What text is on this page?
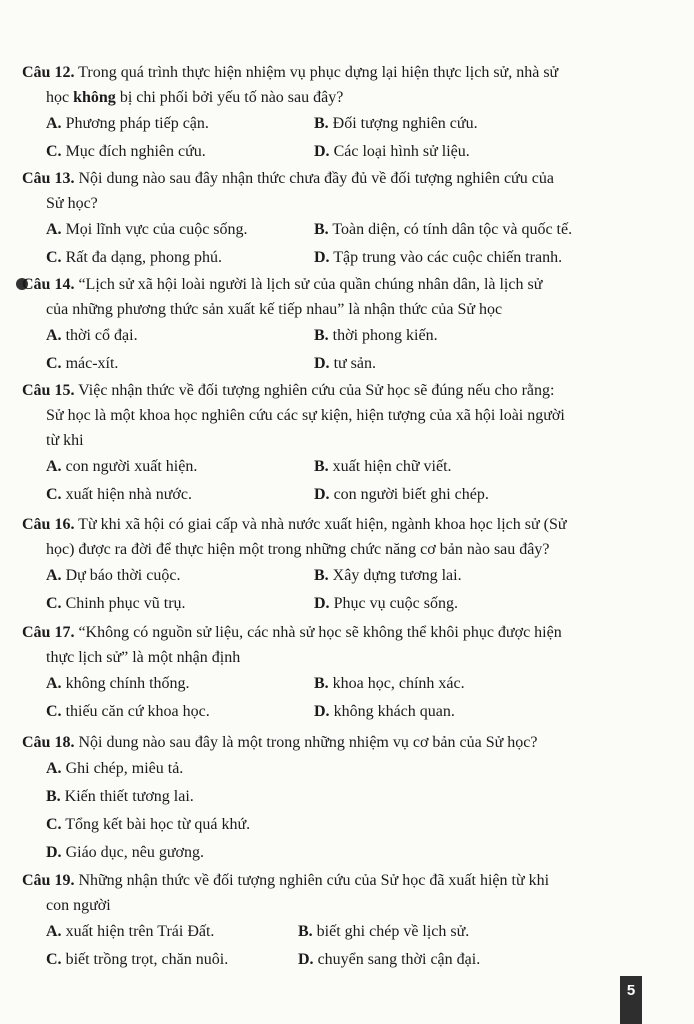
Câu 12. Trong quá trình thực hiện nhiệm vụ phục dựng lại hiện thực lịch sử, nhà sử
học không bị chi phối bởi yếu tố nào sau đây?

A. Phương pháp tiếp cận.	B. Đối tượng nghiên cứu.
C. Mục đích nghiên cứu.	D. Các loại hình sử liệu.

Câu 13. Nội dung nào sau đây nhận thức chưa đầy đủ về đối tượng nghiên cứu của
Sử học?

A. Mọi lĩnh vực của cuộc sống.	B. Toàn diện, có tính dân tộc và quốc tế.
C. Rất đa dạng, phong phú.	D. Tập trung vào các cuộc chiến tranh.

Câu 14. “Lịch sử xã hội loài người là lịch sử của quần chúng nhân dân, là lịch sử
của những phương thức sản xuất kế tiếp nhau” là nhận thức của Sử học

A. thời cổ đại.	B. thời phong kiến.
C. mác-xít.	D. tư sản.

Câu 15. Việc nhận thức về đối tượng nghiên cứu của Sử học sẽ đúng nếu cho rằng:
Sử học là một khoa học nghiên cứu các sự kiện, hiện tượng của xã hội loài người
từ khi

A. con người xuất hiện.	B. xuất hiện chữ viết.
C. xuất hiện nhà nước.	D. con người biết ghi chép.

Câu 16. Từ khi xã hội có giai cấp và nhà nước xuất hiện, ngành khoa học lịch sử (Sử
học) được ra đời để thực hiện một trong những chức năng cơ bản nào sau đây?

A. Dự báo thời cuộc.	B. Xây dựng tương lai.
C. Chinh phục vũ trụ.	D. Phục vụ cuộc sống.

Câu 17. “Không có nguồn sử liệu, các nhà sử học sẽ không thể khôi phục được hiện
thực lịch sử” là một nhận định

A. không chính thống.	B. khoa học, chính xác.
C. thiếu căn cứ khoa học.	D. không khách quan.

Câu 18. Nội dung nào sau đây là một trong những nhiệm vụ cơ bản của Sử học?

A. Ghi chép, miêu tả.
B. Kiến thiết tương lai.
C. Tổng kết bài học từ quá khứ.
D. Giáo dục, nêu gương.

Câu 19. Những nhận thức về đối tượng nghiên cứu của Sử học đã xuất hiện từ khi
con người

A. xuất hiện trên Trái Đất.	B. biết ghi chép về lịch sử.
C. biết trồng trọt, chăn nuôi.	D. chuyển sang thời cận đại.
5
